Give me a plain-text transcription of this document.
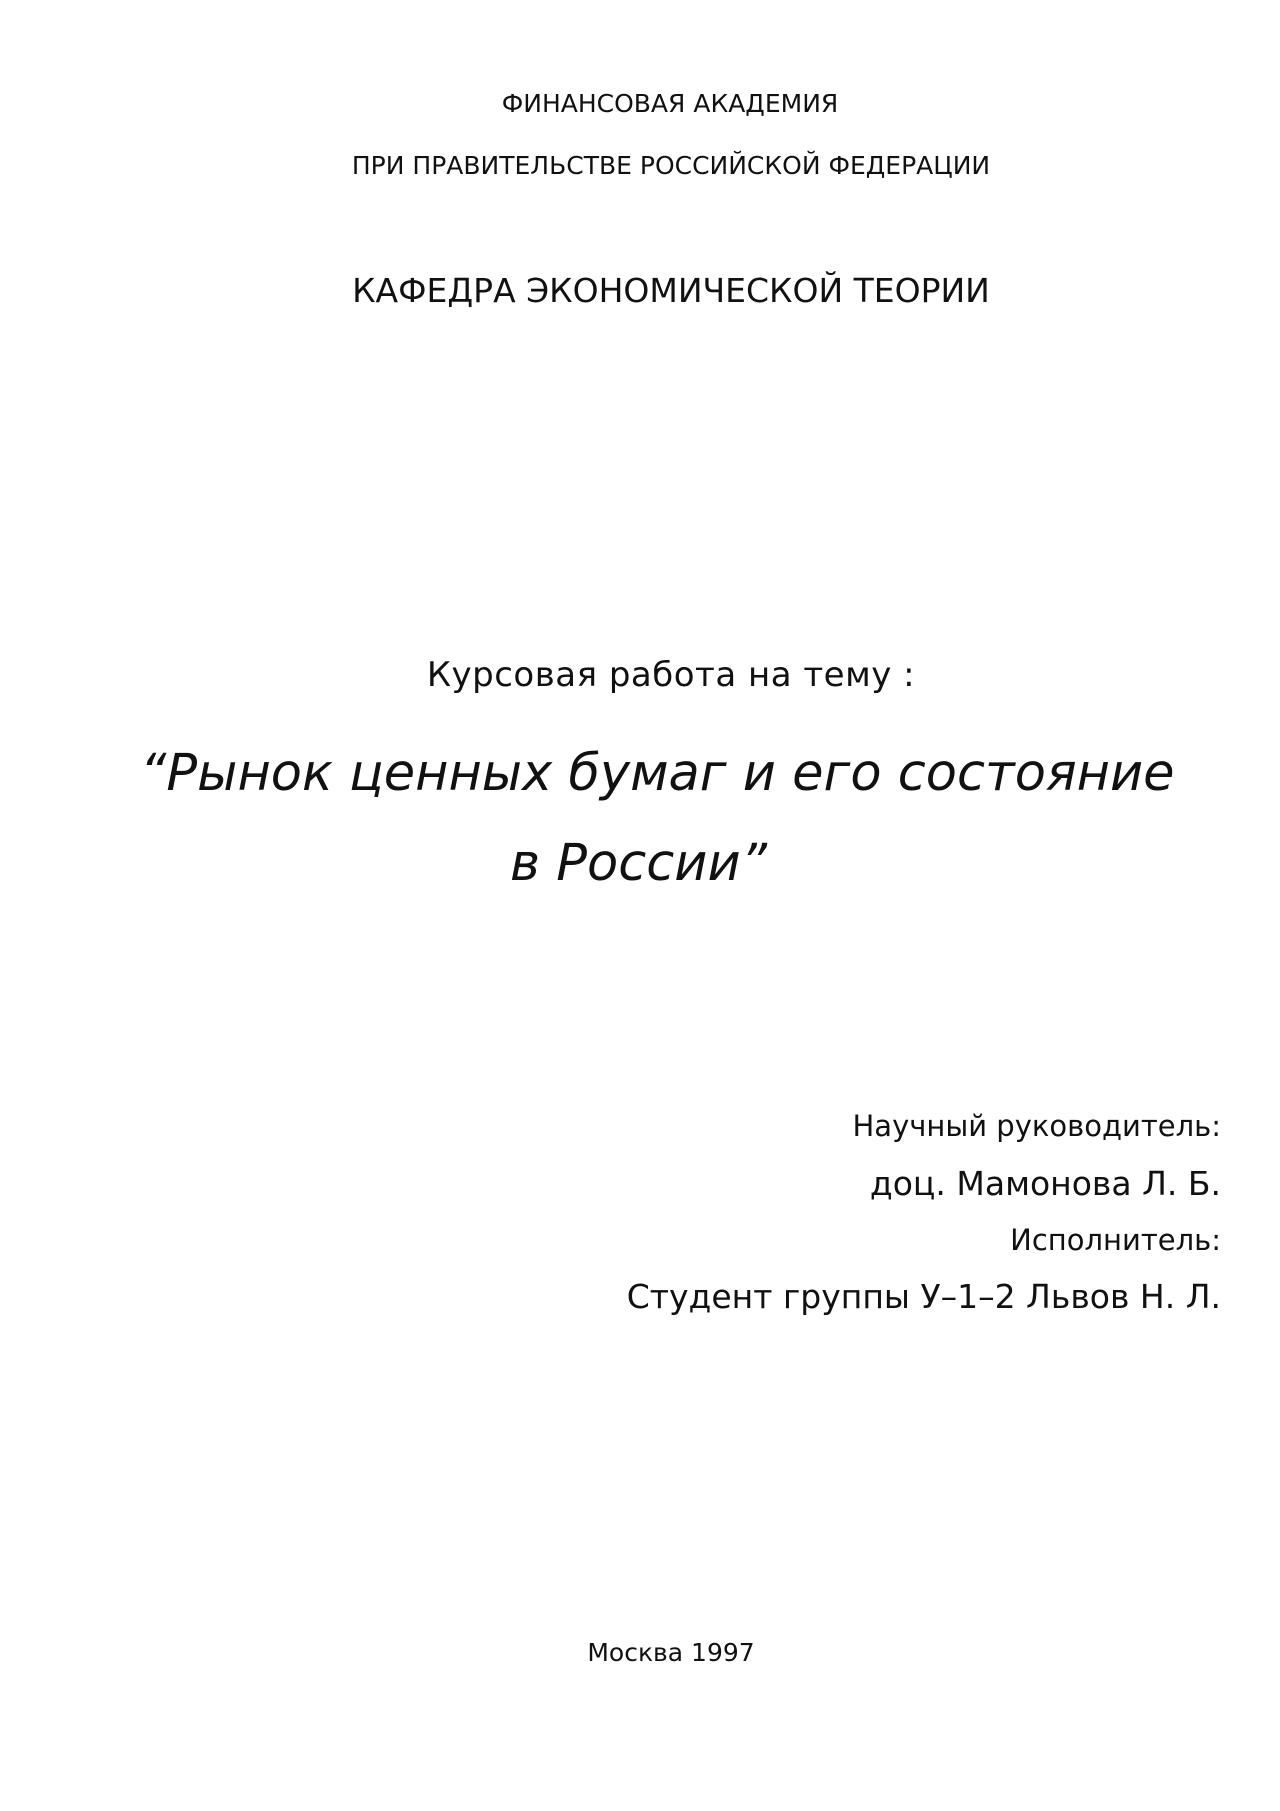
ФИНАНСОВАЯ АКАДЕМИЯ

ПРИ ПРАВИТЕЛЬСТВЕ РОССИЙСКОЙ ФЕДЕРАЦИИ

КАФЕДРА ЭКОНОМИЧЕСКОЙ ТЕОРИИ

Курсовая работа на тему :

“Рынок ценных бумаг и его состояние

в России”

Научный руководитель:

доц. Мамонова Л. Б.

Исполнитель:

Студент группы У–1–2 Львов Н. Л.

Москва 1997
